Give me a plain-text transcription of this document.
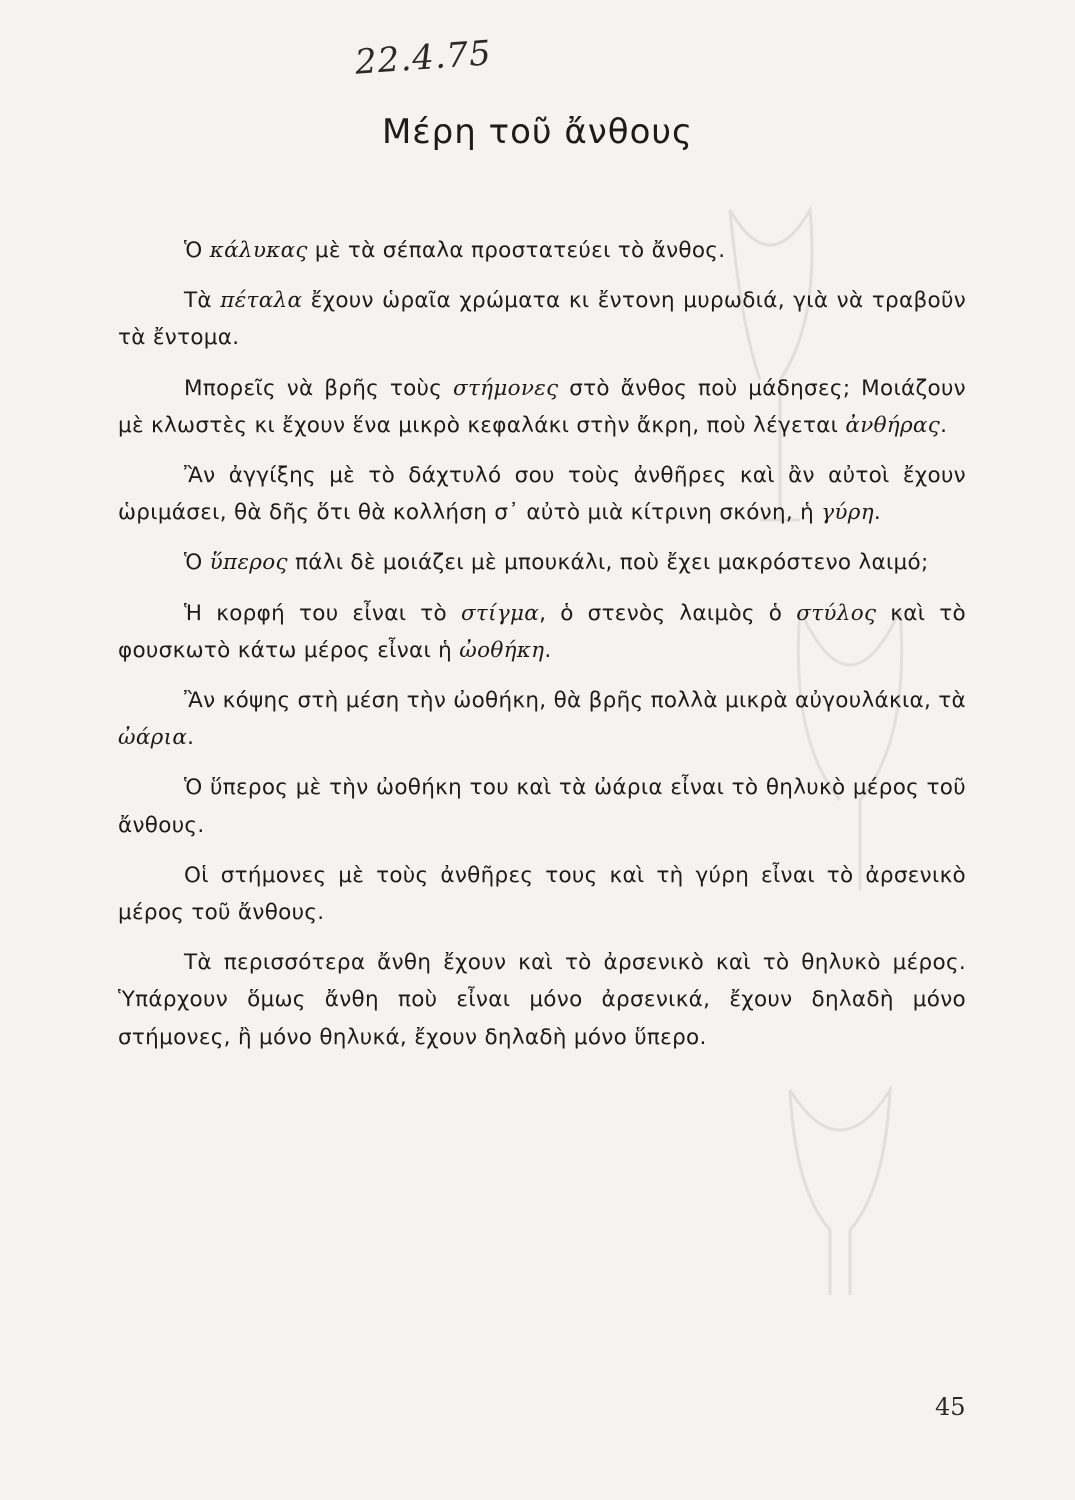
22.4.75
Μέρη τοῦ ἄνθους

Ὁ κάλυκας μὲ τὰ σέπαλα προστατεύει τὸ ἄνθος.

Τὰ πέταλα ἔχουν ὡραῖα χρώματα κι ἔντονη μυρωδιά, γιὰ νὰ τραβοῦν τὰ ἔντομα.

Μπορεῖς νὰ βρῆς τοὺς στήμονες στὸ ἄνθος ποὺ μάδησες; Μοιάζουν μὲ κλωστὲς κι ἔχουν ἕνα μικρὸ κεφαλάκι στὴν ἄκρη, ποὺ λέγεται ἀνθήρας.

Ἂν ἀγγίξης μὲ τὸ δάχτυλό σου τοὺς ἀνθῆρες καὶ ἂν αὐτοὶ ἔχουν ὡριμάσει, θὰ δῆς ὅτι θὰ κολλήση σ᾽ αὐτὸ μιὰ κίτρινη σκόνη, ἡ γύρη.

Ὁ ὕπερος πάλι δὲ μοιάζει μὲ μπουκάλι, ποὺ ἔχει μακρόστενο λαιμό;

Ἡ κορφή του εἶναι τὸ στίγμα, ὁ στενὸς λαιμὸς ὁ στύλος καὶ τὸ φουσκωτὸ κάτω μέρος εἶναι ἡ ὠοθήκη.

Ἂν κόψης στὴ μέση τὴν ὠοθήκη, θὰ βρῆς πολλὰ μικρὰ αὐγουλάκια, τὰ ὠάρια.

Ὁ ὕπερος μὲ τὴν ὠοθήκη του καὶ τὰ ὠάρια εἶναι τὸ θηλυκὸ μέρος τοῦ ἄνθους.

Οἱ στήμονες μὲ τοὺς ἀνθῆρες τους καὶ τὴ γύρη εἶναι τὸ ἀρσενικὸ μέρος τοῦ ἄνθους.

Τὰ περισσότερα ἄνθη ἔχουν καὶ τὸ ἀρσενικὸ καὶ τὸ θηλυκὸ μέρος. Ὑπάρχουν ὅμως ἄνθη ποὺ εἶναι μόνο ἀρσενικά, ἔχουν δηλαδὴ μόνο στήμονες, ἢ μόνο θηλυκά, ἔχουν δηλαδὴ μόνο ὕπερο.

45
